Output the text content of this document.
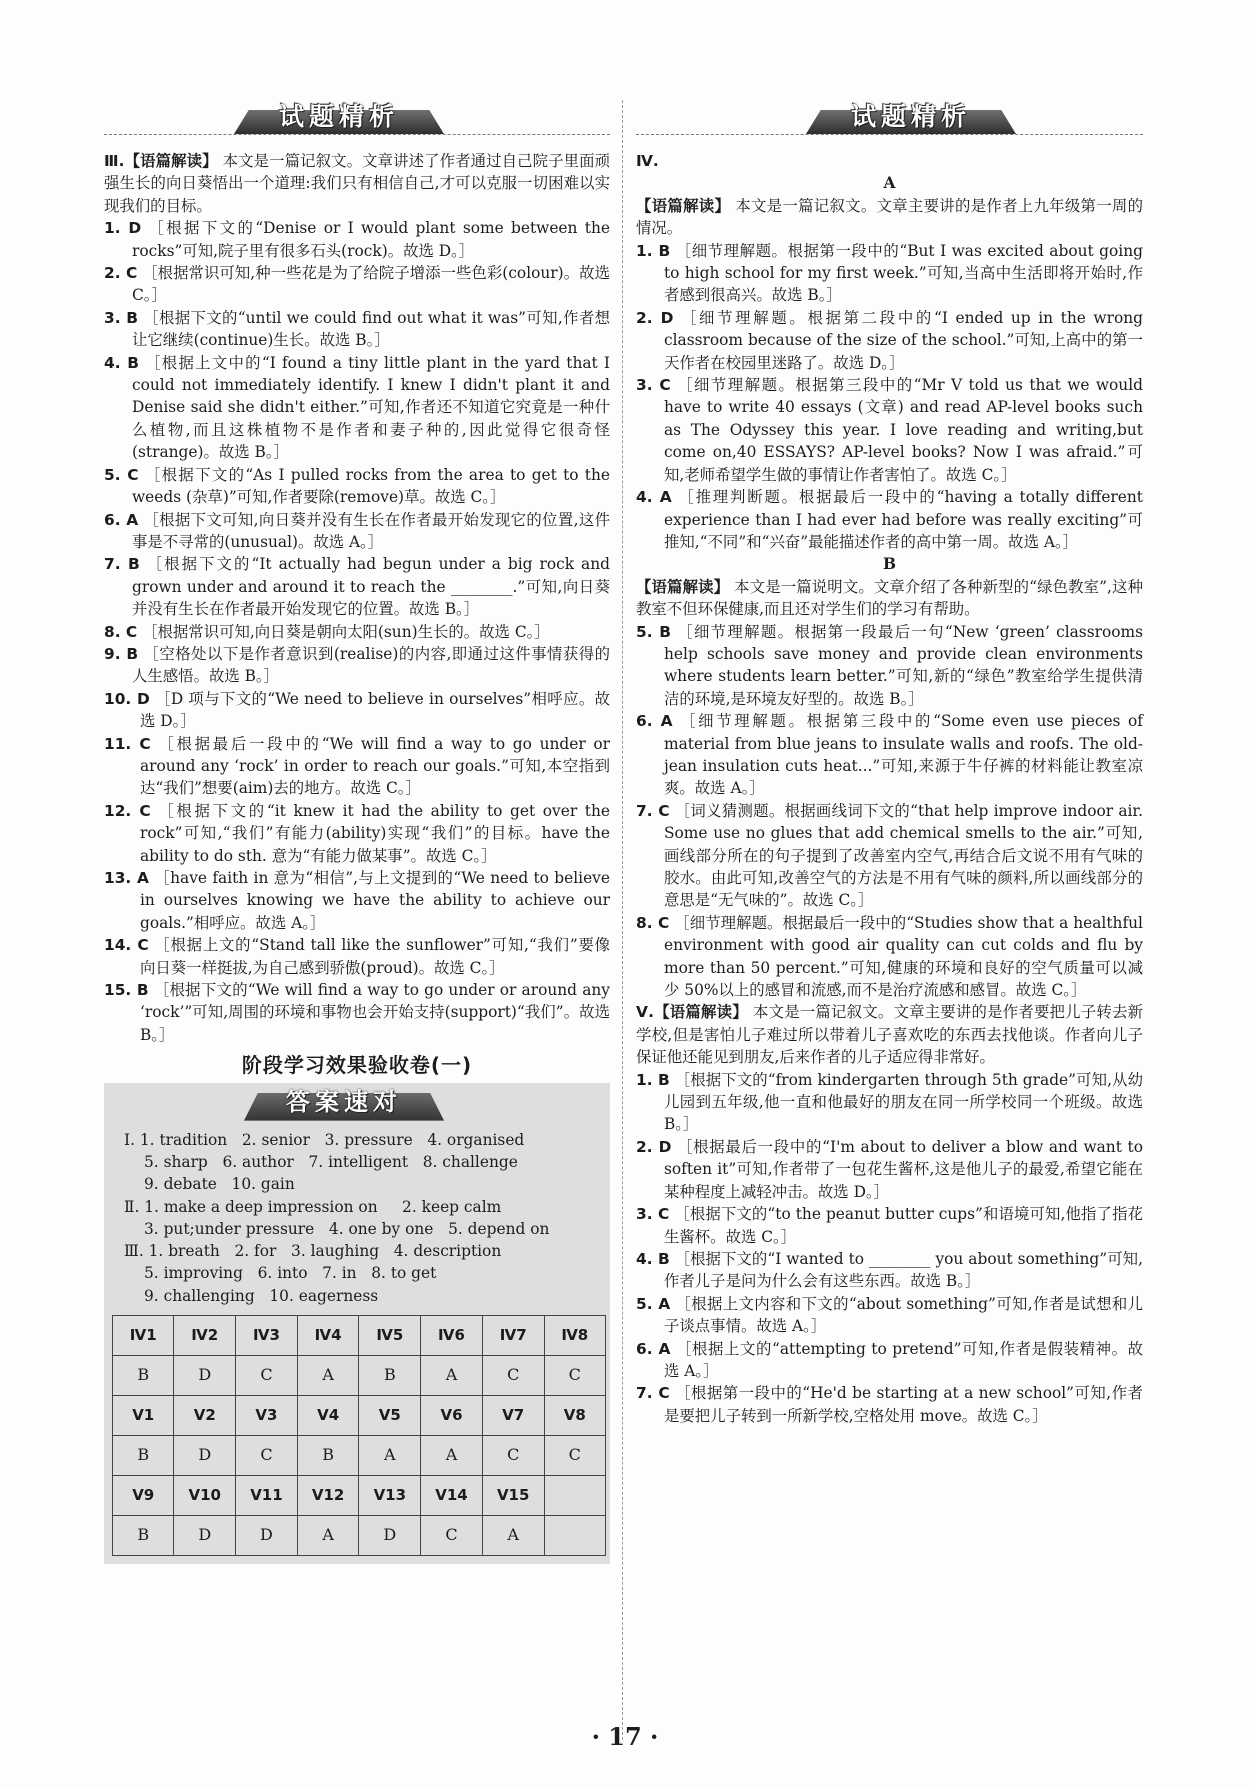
试题精析

Ⅲ.【语篇解读】 本文是一篇记叙文。文章讲述了作者通过自己院子里面顽强生长的向日葵悟出一个道理:我们只有相信自己,才可以克服一切困难以实现我们的目标。

1. D ［根据下文的“Denise or I would plant some between the rocks”可知,院子里有很多石头(rock)。故选 D。］

2. C ［根据常识可知,种一些花是为了给院子增添一些色彩(colour)。故选 C。］

3. B ［根据下文的“until we could find out what it was”可知,作者想让它继续(continue)生长。故选 B。］

4. B ［根据上文中的“I found a tiny little plant in the yard that I could not immediately identify. I knew I didn't plant it and Denise said she didn't either.”可知,作者还不知道它究竟是一种什么植物,而且这株植物不是作者和妻子种的,因此觉得它很奇怪(strange)。故选 B。］

5. C ［根据下文的“As I pulled rocks from the area to get to the weeds (杂草)”可知,作者要除(remove)草。故选 C。］

6. A ［根据下文可知,向日葵并没有生长在作者最开始发现它的位置,这件事是不寻常的(unusual)。故选 A。］

7. B ［根据下文的“It actually had begun under a big rock and grown under and around it to reach the ________.”可知,向日葵并没有生长在作者最开始发现它的位置。故选 B。］

8. C ［根据常识可知,向日葵是朝向太阳(sun)生长的。故选 C。］

9. B ［空格处以下是作者意识到(realise)的内容,即通过这件事情获得的人生感悟。故选 B。］

10. D ［D 项与下文的“We need to believe in ourselves”相呼应。故选 D。］

11. C ［根据最后一段中的“We will find a way to go under or around any ‘rock’ in order to reach our goals.”可知,本空指到达“我们”想要(aim)去的地方。故选 C。］

12. C ［根据下文的“it knew it had the ability to get over the rock”可知,“我们”有能力(ability)实现“我们”的目标。have the ability to do sth. 意为“有能力做某事”。故选 C。］

13. A ［have faith in 意为“相信”,与上文提到的“We need to believe in ourselves knowing we have the ability to achieve our goals.”相呼应。故选 A。］

14. C ［根据上文的“Stand tall like the sunflower”可知,“我们”要像向日葵一样挺拔,为自己感到骄傲(proud)。故选 C。］

15. B ［根据下文的“We will find a way to go under or around any ‘rock’”可知,周围的环境和事物也会开始支持(support)“我们”。故选 B。］

阶段学习效果验收卷(一)
答案速对
Ⅰ. 1. tradition   2. senior   3. pressure   4. organised
5. sharp   6. author   7. intelligent   8. challenge
9. debate   10. gain
Ⅱ. 1. make a deep impression on     2. keep calm
3. put;under pressure   4. one by one   5. depend on
Ⅲ. 1. breath   2. for   3. laughing   4. description
5. improving   6. into   7. in   8. to get
9. challenging   10. eagerness
Ⅳ1	Ⅳ2	Ⅳ3	Ⅳ4	Ⅳ5	Ⅳ6	Ⅳ7	Ⅳ8
B	D	C	A	B	A	C	C
Ⅴ1	Ⅴ2	Ⅴ3	Ⅴ4	Ⅴ5	Ⅴ6	Ⅴ7	Ⅴ8
B	D	C	B	A	A	C	C
Ⅴ9	Ⅴ10	Ⅴ11	Ⅴ12	Ⅴ13	Ⅴ14	Ⅴ15	
B	D	D	A	D	C	A	
试题精析

Ⅳ.

A

【语篇解读】 本文是一篇记叙文。文章主要讲的是作者上九年级第一周的情况。

1. B ［细节理解题。根据第一段中的“But I was excited about going to high school for my first week.”可知,当高中生活即将开始时,作者感到很高兴。故选 B。］

2. D ［细节理解题。根据第二段中的“I ended up in the wrong classroom because of the size of the school.”可知,上高中的第一天作者在校园里迷路了。故选 D。］

3. C ［细节理解题。根据第三段中的“Mr V told us that we would have to write 40 essays (文章) and read AP-level books such as The Odyssey this year. I love reading and writing,but come on,40 ESSAYS? AP-level books? Now I was afraid.”可知,老师希望学生做的事情让作者害怕了。故选 C。］

4. A ［推理判断题。根据最后一段中的“having a totally different experience than I had ever had before was really exciting”可推知,“不同”和“兴奋”最能描述作者的高中第一周。故选 A。］

B

【语篇解读】 本文是一篇说明文。文章介绍了各种新型的“绿色教室”,这种教室不但环保健康,而且还对学生们的学习有帮助。

5. B ［细节理解题。根据第一段最后一句“New ‘green’ classrooms help schools save money and provide clean environments where students learn better.”可知,新的“绿色”教室给学生提供清洁的环境,是环境友好型的。故选 B。］

6. A ［细节理解题。根据第三段中的“Some even use pieces of material from blue jeans to insulate walls and roofs. The old-jean insulation cuts heat...”可知,来源于牛仔裤的材料能让教室凉爽。故选 A。］

7. C ［词义猜测题。根据画线词下文的“that help improve indoor air. Some use no glues that add chemical smells to the air.”可知,画线部分所在的句子提到了改善室内空气,再结合后文说不用有气味的胶水。由此可知,改善空气的方法是不用有气味的颜料,所以画线部分的意思是“无气味的”。故选 C。］

8. C ［细节理解题。根据最后一段中的“Studies show that a healthful environment with good air quality can cut colds and flu by more than 50 percent.”可知,健康的环境和良好的空气质量可以减少 50%以上的感冒和流感,而不是治疗流感和感冒。故选 C。］

Ⅴ.【语篇解读】 本文是一篇记叙文。文章主要讲的是作者要把儿子转去新学校,但是害怕儿子难过所以带着儿子喜欢吃的东西去找他谈。作者向儿子保证他还能见到朋友,后来作者的儿子适应得非常好。

1. B ［根据下文的“from kindergarten through 5th grade”可知,从幼儿园到五年级,他一直和他最好的朋友在同一所学校同一个班级。故选 B。］

2. D ［根据最后一段中的“I'm about to deliver a blow and want to soften it”可知,作者带了一包花生酱杯,这是他儿子的最爱,希望它能在某种程度上减轻冲击。故选 D。］

3. C ［根据下文的“to the peanut butter cups”和语境可知,他指了指花生酱杯。故选 C。］

4. B ［根据下文的“I wanted to ________ you about something”可知,作者儿子是问为什么会有这些东西。故选 B。］

5. A ［根据上文内容和下文的“about something”可知,作者是试想和儿子谈点事情。故选 A。］

6. A ［根据上文的“attempting to pretend”可知,作者是假装精神。故选 A。］

7. C ［根据第一段中的“He'd be starting at a new school”可知,作者是要把儿子转到一所新学校,空格处用 move。故选 C。］

· 17 ·
